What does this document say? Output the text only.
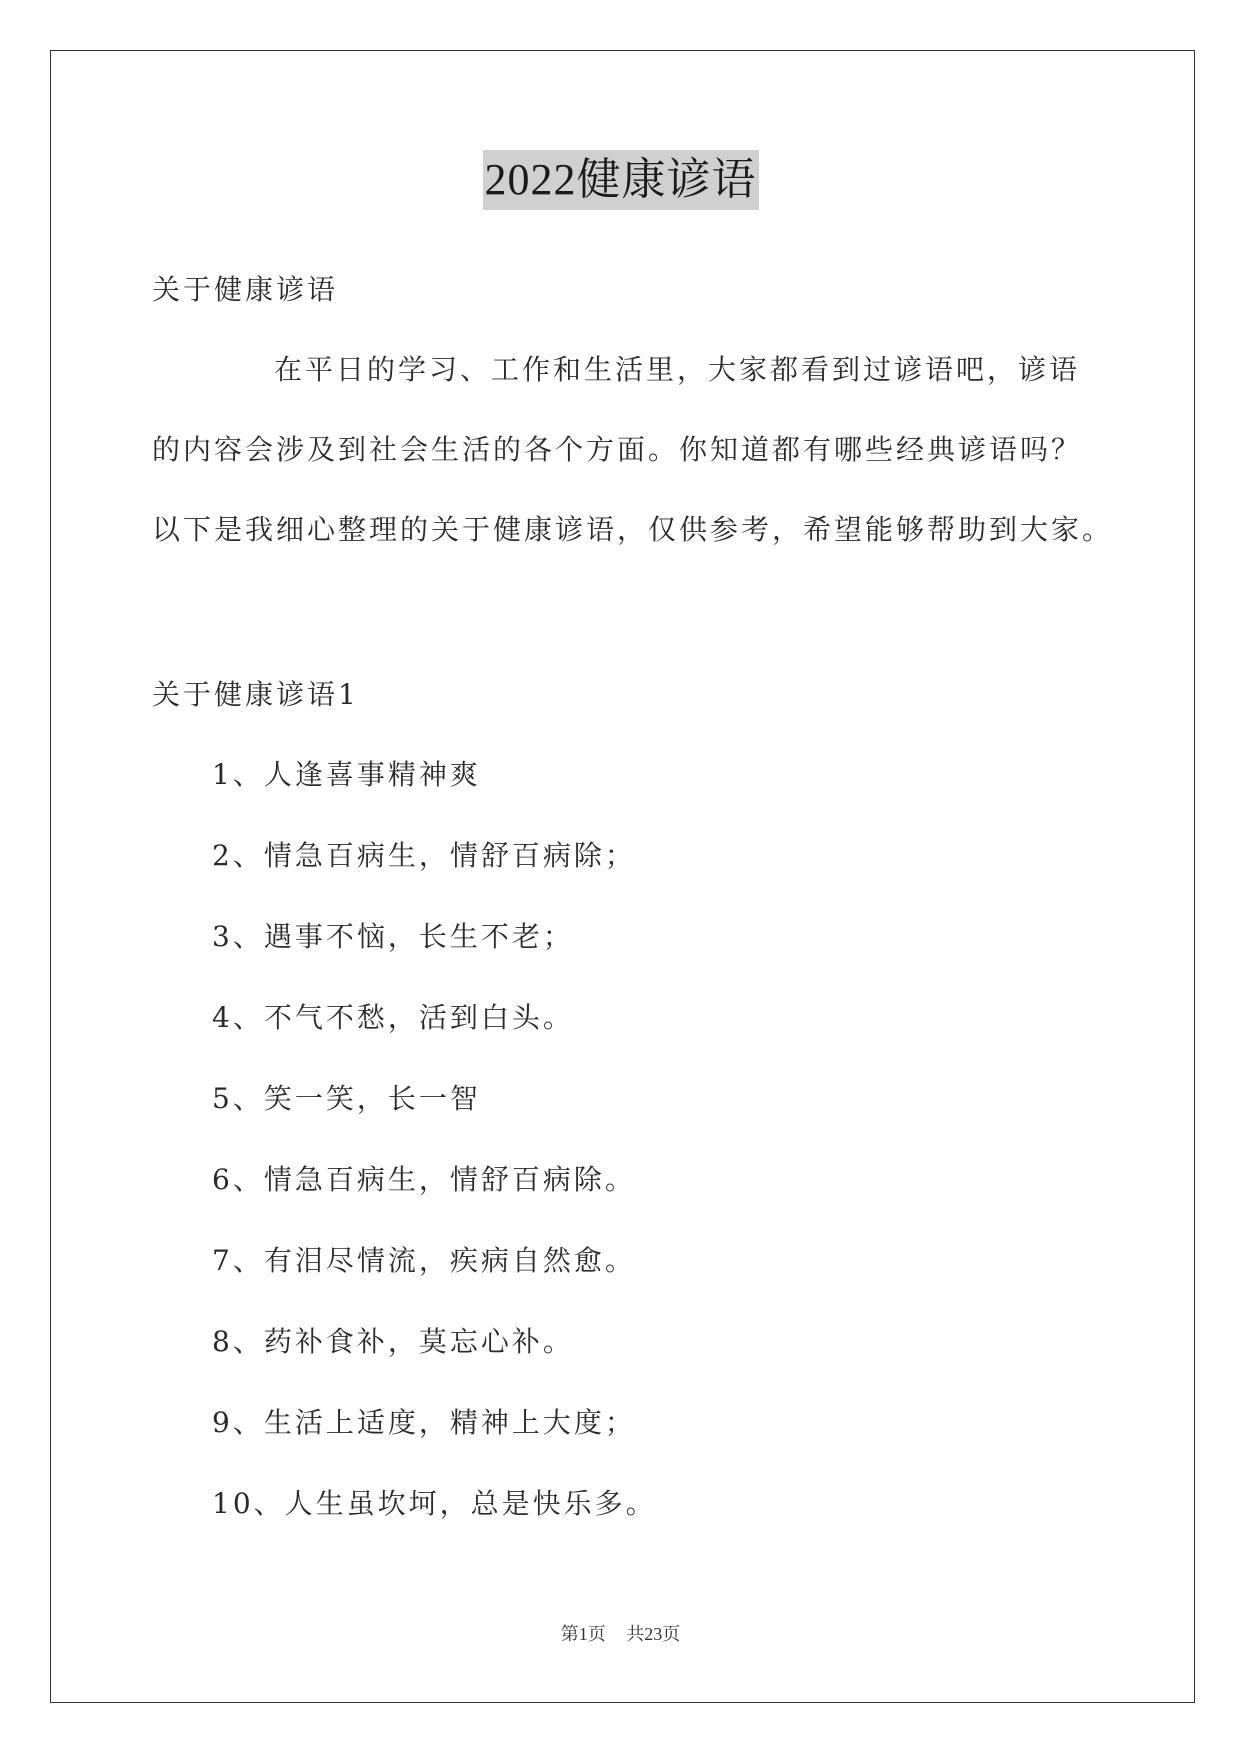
2022健康谚语
关于健康谚语
在平日的学习、工作和生活里，大家都看到过谚语吧，谚语
的内容会涉及到社会生活的各个方面。你知道都有哪些经典谚语吗？
以下是我细心整理的关于健康谚语，仅供参考，希望能够帮助到大家。
关于健康谚语1
1、人逢喜事精神爽
2、情急百病生，情舒百病除；
3、遇事不恼，长生不老；
4、不气不愁，活到白头。
5、笑一笑，长一智
6、情急百病生，情舒百病除。
7、有泪尽情流，疾病自然愈。
8、药补食补，莫忘心补。
9、生活上适度，精神上大度；
10、人生虽坎坷，总是快乐多。
第1页 共23页
